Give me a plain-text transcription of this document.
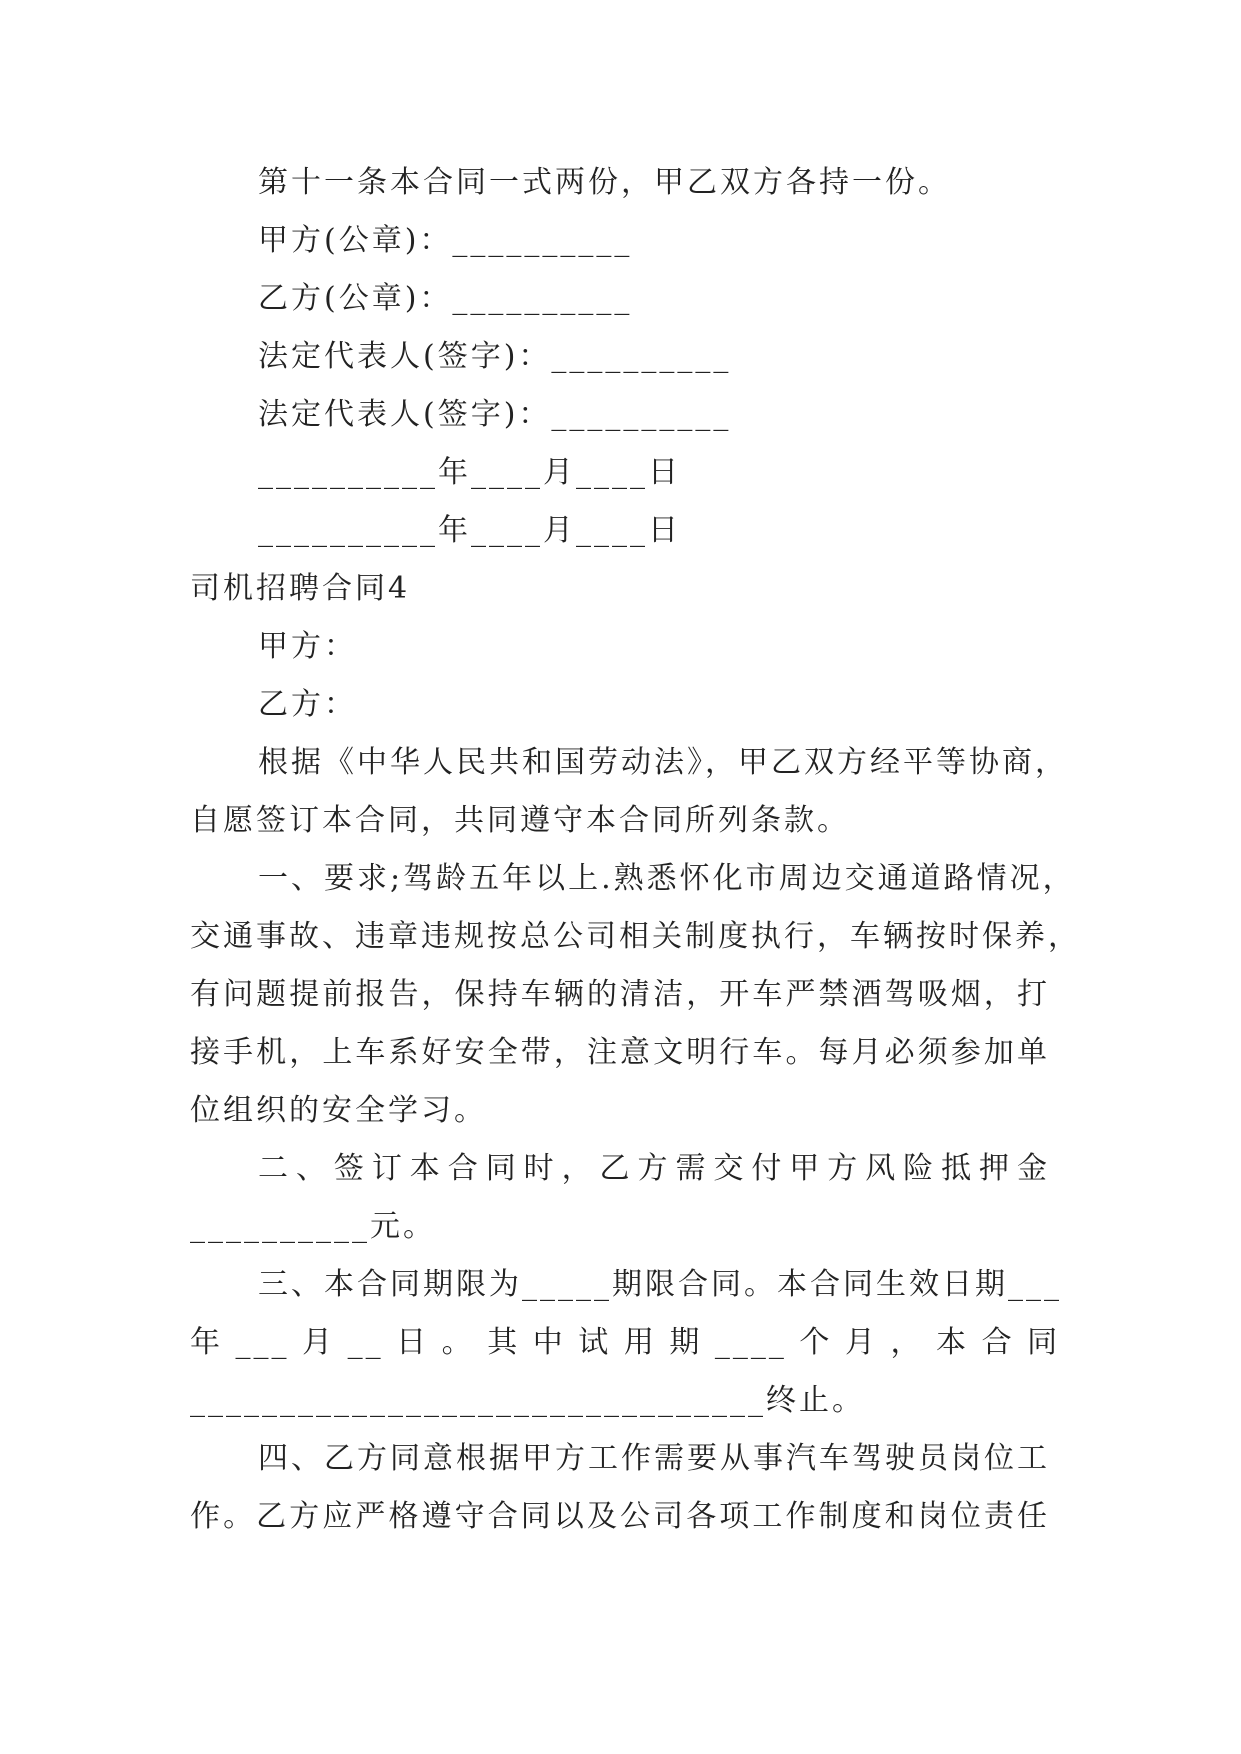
第十一条本合同一式两份，甲乙双方各持一份。
甲方(公章)：__________
乙方(公章)：__________
法定代表人(签字)：__________
法定代表人(签字)：__________
__________年____月____日
__________年____月____日
司机招聘合同4
甲方：
乙方：
根据《中华人民共和国劳动法》，甲乙双方经平等协商，
自愿签订本合同，共同遵守本合同所列条款。
一、要求;驾龄五年以上.熟悉怀化市周边交通道路情况，
交通事故、违章违规按总公司相关制度执行，车辆按时保养，
有问题提前报告，保持车辆的清洁，开车严禁酒驾吸烟，打
接手机，上车系好安全带，注意文明行车。每月必须参加单
位组织的安全学习。
二、签订本合同时，乙方需交付甲方风险抵押金
__________元。
三、本合同期限为_____期限合同。本合同生效日期___
年 ___ 月 __ 日 。 其 中 试 用 期 ____ 个 月 ， 本 合 同
________________________________终止。
四、乙方同意根据甲方工作需要从事汽车驾驶员岗位工
作。乙方应严格遵守合同以及公司各项工作制度和岗位责任
